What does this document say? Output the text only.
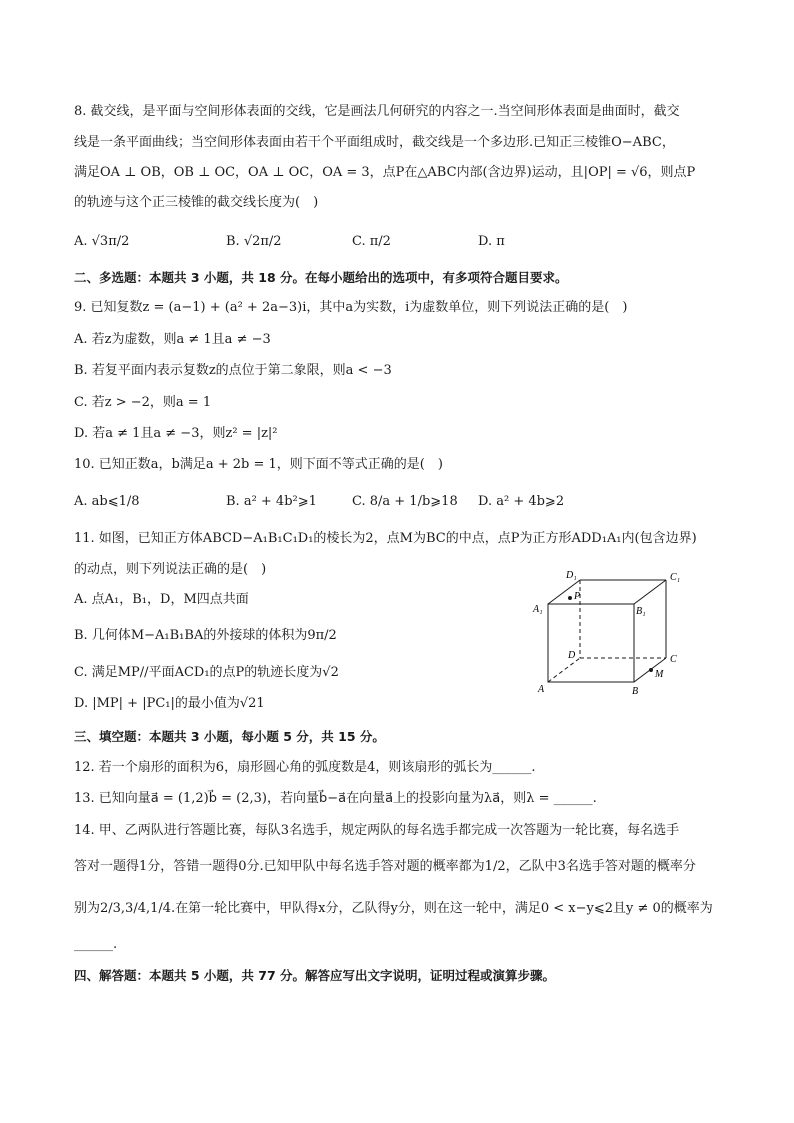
8. 截交线，是平面与空间形体表面的交线，它是画法几何研究的内容之一.当空间形体表面是曲面时，截交
线是一条平面曲线；当空间形体表面由若干个平面组成时，截交线是一个多边形.已知正三棱锥O−ABC，
满足OA ⊥ OB，OB ⊥ OC，OA ⊥ OC，OA = 3，点P在△ABC内部(含边界)运动，且|OP| = √6，则点P
的轨迹与这个正三棱锥的截交线长度为(　)
A. √3π/2	B. √2π/2	C. π/2	D. π
二、多选题：本题共 3 小题，共 18 分。在每小题给出的选项中，有多项符合题目要求。
9. 已知复数z = (a−1) + (a² + 2a−3)i，其中a为实数，i为虚数单位，则下列说法正确的是(　)
A. 若z为虚数，则a ≠ 1且a ≠ −3
B. 若复平面内表示复数z的点位于第二象限，则a < −3
C. 若z > −2，则a = 1
D. 若a ≠ 1且a ≠ −3，则z² = |z|²
10. 已知正数a，b满足a + 2b = 1，则下面不等式正确的是(　)
A. ab⩽1/8	B. a² + 4b²⩾1	C. 8/a + 1/b⩾18 D. a² + 4b⩾2
11. 如图，已知正方体ABCD−A₁B₁C₁D₁的棱长为2，点M为BC的中点，点P为正方形ADD₁A₁内(包含边界)
的动点，则下列说法正确的是(　)
A. 点A₁，B₁，D，M四点共面
B. 几何体M−A₁B₁BA的外接球的体积为9π/2
C. 满足MP//平面ACD₁的点P的轨迹长度为√2
D. |MP| + |PC₁|的最小值为√21
D₁	C₁
A₁	B₁
P
D	C
M
A	B
三、填空题：本题共 3 小题，每小题 5 分，共 15 分。
12. 若一个扇形的面积为6，扇形圆心角的弧度数是4，则该扇形的弧长为______.
13. 已知向量a⃗ = (1,2)b⃗ = (2,3)，若向量b⃗−a⃗在向量a⃗上的投影向量为λa⃗，则λ = ______.
14. 甲、乙两队进行答题比赛，每队3名选手，规定两队的每名选手都完成一次答题为一轮比赛，每名选手
答对一题得1分，答错一题得0分.已知甲队中每名选手答对题的概率都为1/2，乙队中3名选手答对题的概率分
别为2/3,3/4,1/4.在第一轮比赛中，甲队得x分，乙队得y分，则在这一轮中，满足0 < x−y⩽2且y ≠ 0的概率为
______.
四、解答题：本题共 5 小题，共 77 分。解答应写出文字说明，证明过程或演算步骤。
